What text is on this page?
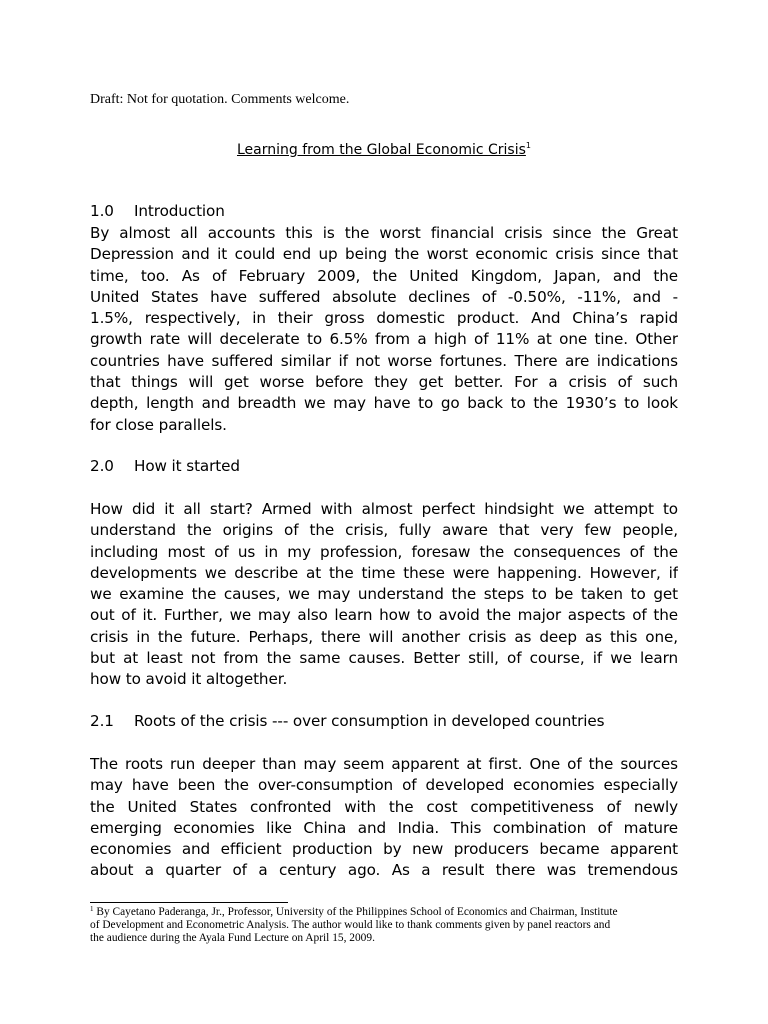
Draft: Not for quotation. Comments welcome.
Learning from the Global Economic Crisis$^1$
1.0 Introduction
By almost all accounts this is the worst financial crisis since the Great
Depression and it could end up being the worst economic crisis since that
time, too. As of February 2009, the United Kingdom, Japan, and the
United States have suffered absolute declines of -0.50%, -11%, and -
1.5%, respectively, in their gross domestic product. And China’s rapid
growth rate will decelerate to 6.5% from a high of 11% at one tine. Other
countries have suffered similar if not worse fortunes. There are indications
that things will get worse before they get better. For a crisis of such
depth, length and breadth we may have to go back to the 1930’s to look
for close parallels.
2.0 How it started
How did it all start? Armed with almost perfect hindsight we attempt to
understand the origins of the crisis, fully aware that very few people,
including most of us in my profession, foresaw the consequences of the
developments we describe at the time these were happening. However, if
we examine the causes, we may understand the steps to be taken to get
out of it. Further, we may also learn how to avoid the major aspects of the
crisis in the future. Perhaps, there will another crisis as deep as this one,
but at least not from the same causes. Better still, of course, if we learn
how to avoid it altogether.
2.1 Roots of the crisis --- over consumption in developed countries
The roots run deeper than may seem apparent at first. One of the sources
may have been the over-consumption of developed economies especially
the United States confronted with the cost competitiveness of newly
emerging economies like China and India. This combination of mature
economies and efficient production by new producers became apparent
about a quarter of a century ago. As a result there was tremendous
$^1$ By Cayetano Paderanga, Jr., Professor, University of the Philippines School of Economics and Chairman, Institute
of Development and Econometric Analysis. The author would like to thank comments given by panel reactors and
the audience during the Ayala Fund Lecture on April 15, 2009.
